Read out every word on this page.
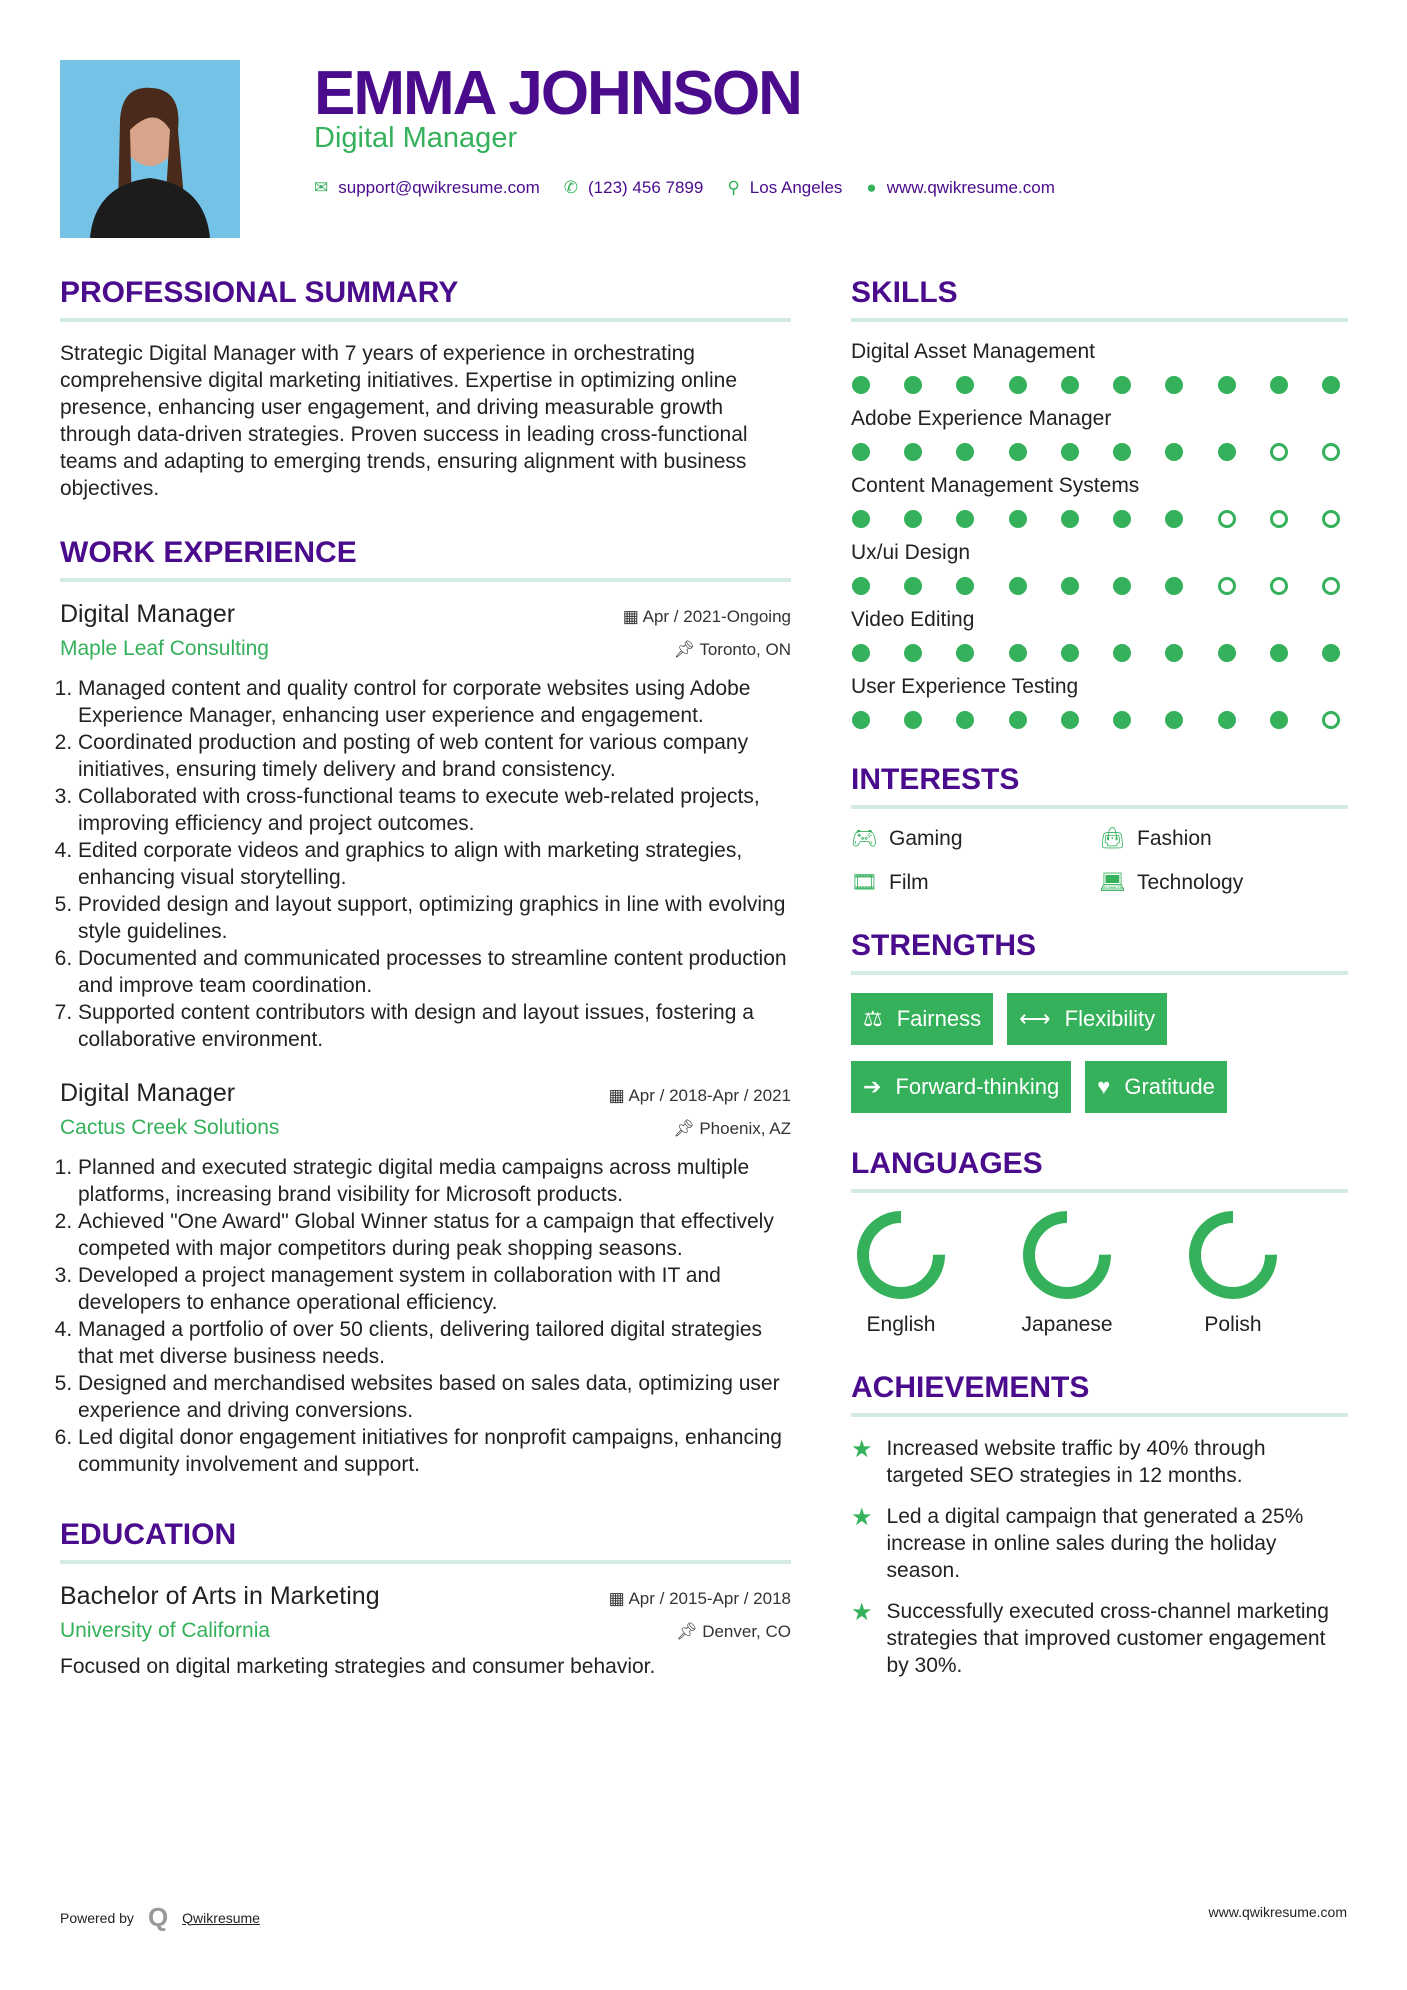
EMMA JOHNSON
Digital Manager
✉ support@qwikresume.com ✆ (123) 456 7899 ⚲ Los Angeles ● www.qwikresume.com
PROFESSIONAL SUMMARY

Strategic Digital Manager with 7 years of experience in orchestrating comprehensive digital marketing initiatives. Expertise in optimizing online presence, enhancing user engagement, and driving measurable growth through data-driven strategies. Proven success in leading cross-functional teams and adapting to emerging trends, ensuring alignment with business objectives.

WORK EXPERIENCE
Digital Manager	▦ Apr / 2021-Ongoing
Maple Leaf Consulting	📌︎ Toronto, ON
1. Managed content and quality control for corporate websites using Adobe Experience Manager, enhancing user experience and engagement.
2. Coordinated production and posting of web content for various company initiatives, ensuring timely delivery and brand consistency.
3. Collaborated with cross-functional teams to execute web-related projects, improving efficiency and project outcomes.
4. Edited corporate videos and graphics to align with marketing strategies, enhancing visual storytelling.
5. Provided design and layout support, optimizing graphics in line with evolving style guidelines.
6. Documented and communicated processes to streamline content production and improve team coordination.
7. Supported content contributors with design and layout issues, fostering a collaborative environment.
Digital Manager	▦ Apr / 2018-Apr / 2021
Cactus Creek Solutions	📌︎ Phoenix, AZ
1. Planned and executed strategic digital media campaigns across multiple platforms, increasing brand visibility for Microsoft products.
2. Achieved "One Award" Global Winner status for a campaign that effectively competed with major competitors during peak shopping seasons.
3. Developed a project management system in collaboration with IT and developers to enhance operational efficiency.
4. Managed a portfolio of over 50 clients, delivering tailored digital strategies that met diverse business needs.
5. Designed and merchandised websites based on sales data, optimizing user experience and driving conversions.
6. Led digital donor engagement initiatives for nonprofit campaigns, enhancing community involvement and support.
EDUCATION
Bachelor of Arts in Marketing	▦ Apr / 2015-Apr / 2018
University of California	📌︎ Denver, CO

Focused on digital marketing strategies and consumer behavior.

SKILLS
Digital Asset Management
Adobe Experience Manager
Content Management Systems
Ux/ui Design
Video Editing
User Experience Testing
INTERESTS
🎮︎ Gaming	👜︎ Fashion
🎞︎ Film	💻︎ Technology
STRENGTHS
⚖ Fairness ⟷ Flexibility
➔ Forward-thinking ♥ Gratitude
LANGUAGES
English	Japanese	Polish
ACHIEVEMENTS
★ Increased website traffic by 40% through targeted SEO strategies in 12 months.
★ Led a digital campaign that generated a 25% increase in online sales during the holiday season.
★ Successfully executed cross-channel marketing strategies that improved customer engagement by 30%.
Powered by Q Qwikresume	www.qwikresume.com
